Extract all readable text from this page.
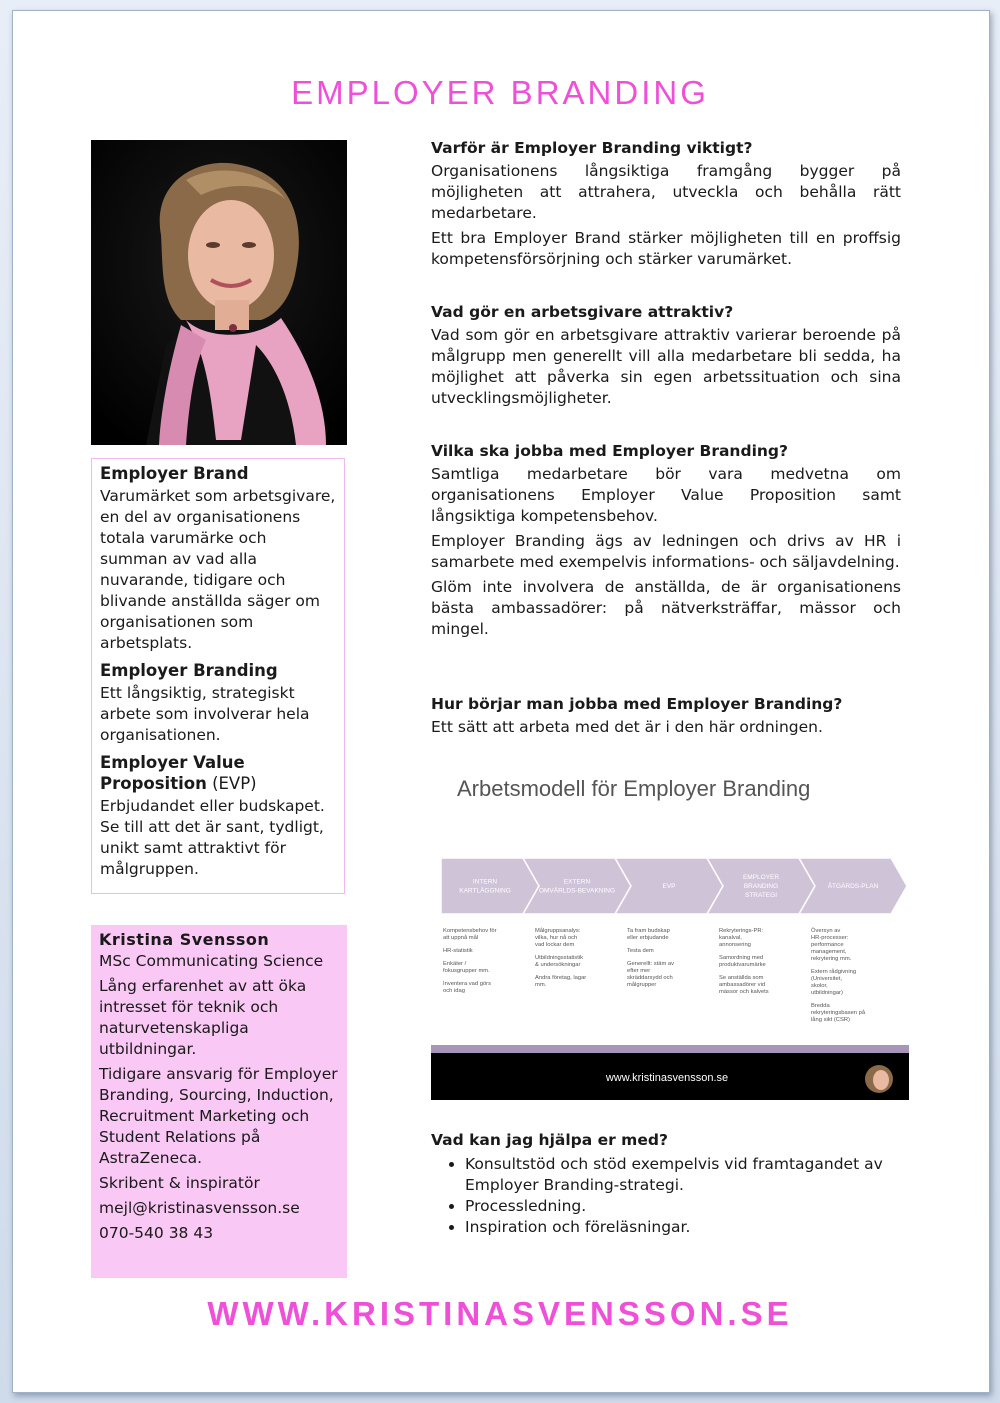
EMPLOYER BRANDING
Employer Brand

Varumärket som arbetsgivare, en del av organisationens totala varumärke och summan av vad alla nuvarande, tidigare och blivande anställda säger om organisationen som arbetsplats.

Employer Branding

Ett långsiktig, strategiskt arbete som involverar hela organisationen.

Employer Value Proposition (EVP)

Erbjudandet eller budskapet. Se till att det är sant, tydligt, unikt samt attraktivt för målgruppen.

Kristina Svensson

MSc Communicating Science

Lång erfarenhet av att öka intresset för teknik och naturvetenskapliga utbildningar.

Tidigare ansvarig för Employer Branding, Sourcing, Induction, Recruitment Marketing och Student Relations på AstraZeneca.

Skribent & inspiratör

mejl@kristinasvensson.se

070-540 38 43

Varför är Employer Branding viktigt?

Organisationens långsiktiga framgång bygger på möjligheten att attrahera, utveckla och behålla rätt medarbetare.

Ett bra Employer Brand stärker möjligheten till en proffsig kompetensförsörjning och stärker varumärket.

Vad gör en arbetsgivare attraktiv?

Vad som gör en arbetsgivare attraktiv varierar beroende på målgrupp men generellt vill alla medarbetare bli sedda, ha möjlighet att påverka sin egen arbetssituation och sina utvecklingsmöjligheter.

Vilka ska jobba med Employer Branding?

Samtliga medarbetare bör vara medvetna om organisationens Employer Value Proposition samt långsiktiga kompetensbehov.

Employer Branding ägs av ledningen och drivs av HR i samarbete med exempelvis informations- och säljavdelning.

Glöm inte involvera de anställda, de är organisationens bästa ambassadörer: på nätverksträffar, mässor och mingel.

Hur börjar man jobba med Employer Branding?

Ett sätt att arbeta med det är i den här ordningen.

Arbetsmodell för Employer Branding
INTERN KARTLÄGGNING
Kompetensbehov för att uppnå mål
HR-statistik
Enkäter / fokusgrupper mm.
Inventera vad görs och idag
EXTERN OMVÄRLDS-BEVAKNING
Målgruppsanalys: vilka, hur nå och vad lockar dem
Utbildningsstatistik & undersökningar
Andra företag, lagar mm.
EVP
Ta fram budskap eller erbjudande
Testa dem
Generellt: stäm av efter mer skräddarsydd och målgrupper
EMPLOYER BRANDING STRATEGI
Rekryterings-PR: kanalval, annonsering
Samordning med produktvarumärke
Se anställda som ambassadörer vid mässor och kalvets
ÅTGÄRDS-PLAN
Översyn av HR-processer: performance management, rekrytering mm.
Extern rådgivning (Universitet, skolor, utbildningar)
Bredda rekryteringsbasen på lång sikt (CSR)
www.kristinasvensson.se
Vad kan jag hjälpa er med?
• Konsultstöd och stöd exempelvis vid framtagandet av Employer Branding-strategi.
• Processledning.
• Inspiration och föreläsningar.
WWW.KRISTINASVENSSON.SE
